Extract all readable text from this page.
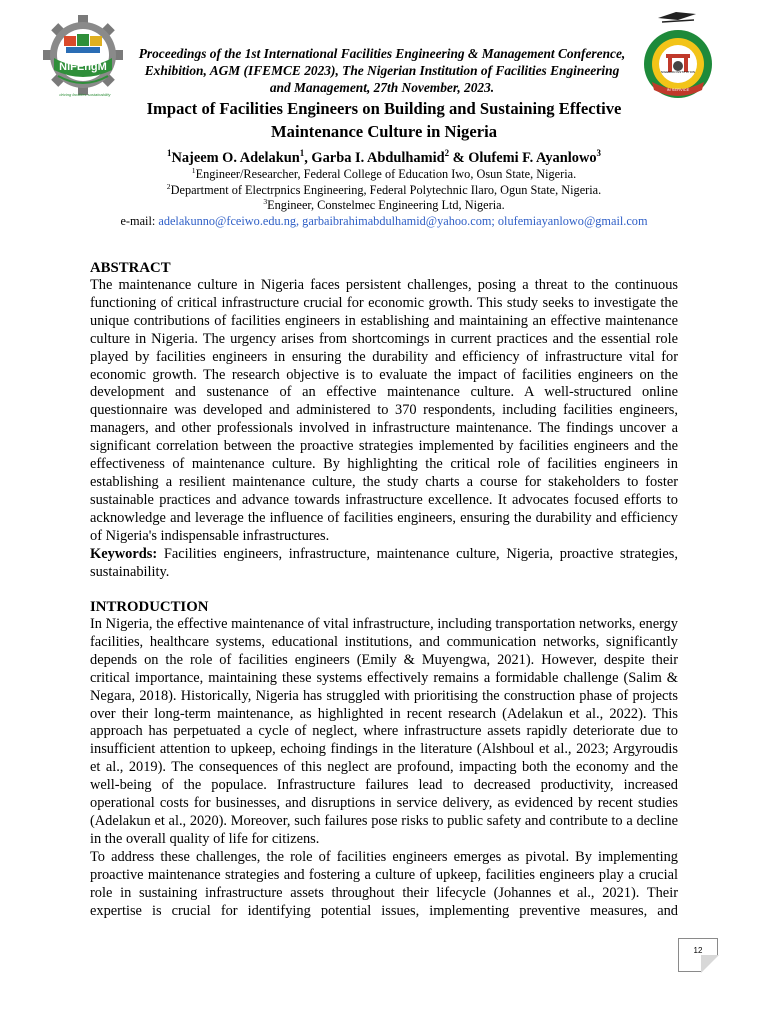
NIFEngM	NIGERIAN INSTITUTION
IN SERVICE
driving facilities sustainability
Proceedings of the 1st International Facilities Engineering & Management Conference,
Exhibition, AGM (IFEMCE 2023), The Nigerian Institution of Facilities Engineering
and Management, 27th November, 2023.
Impact of Facilities Engineers on Building and Sustaining Effective
Maintenance Culture in Nigeria
$^1$Najeem O. Adelakun$^1$, Garba I. Abdulhamid$^2$ & Olufemi F. Ayanlowo$^3$
$^1$Engineer/Researcher, Federal College of Education Iwo, Osun State, Nigeria.
$^2$Department of Electrpnics Engineering, Federal Polytechnic Ilaro, Ogun State, Nigeria.
$^3$Engineer, Constelmec Engineering Ltd, Nigeria.
e-mail: adelakunno@fceiwo.edu.ng, garbaibrahimabdulhamid@yahoo.com; olufemiayanlowo@gmail.com
ABSTRACT

The maintenance culture in Nigeria faces persistent challenges, posing a threat to the continuous functioning of critical infrastructure crucial for economic growth. This study seeks to investigate the unique contributions of facilities engineers in establishing and maintaining an effective maintenance culture in Nigeria. The urgency arises from shortcomings in current practices and the essential role played by facilities engineers in ensuring the durability and efficiency of infrastructure vital for economic growth. The research objective is to evaluate the impact of facilities engineers on the development and sustenance of an effective maintenance culture. A well-structured online questionnaire was developed and administered to 370 respondents, including facilities engineers, managers, and other professionals involved in infrastructure maintenance. The findings uncover a significant correlation between the proactive strategies implemented by facilities engineers and the effectiveness of maintenance culture. By highlighting the critical role of facilities engineers in establishing a resilient maintenance culture, the study charts a course for stakeholders to foster sustainable practices and advance towards infrastructure excellence. It advocates focused efforts to acknowledge and leverage the influence of facilities engineers, ensuring the durability and efficiency of Nigeria's indispensable infrastructures.

Keywords: Facilities engineers, infrastructure, maintenance culture, Nigeria, proactive strategies, sustainability.

INTRODUCTION

In Nigeria, the effective maintenance of vital infrastructure, including transportation networks, energy facilities, healthcare systems, educational institutions, and communication networks, significantly depends on the role of facilities engineers (Emily & Muyengwa, 2021). However, despite their critical importance, maintaining these systems effectively remains a formidable challenge (Salim & Negara, 2018). Historically, Nigeria has struggled with prioritising the construction phase of projects over their long-term maintenance, as highlighted in recent research (Adelakun et al., 2022). This approach has perpetuated a cycle of neglect, where infrastructure assets rapidly deteriorate due to insufficient attention to upkeep, echoing findings in the literature (Alshboul et al., 2023; Argyroudis et al., 2019). The consequences of this neglect are profound, impacting both the economy and the well-being of the populace. Infrastructure failures lead to decreased productivity, increased operational costs for businesses, and disruptions in service delivery, as evidenced by recent studies (Adelakun et al., 2020). Moreover, such failures pose risks to public safety and contribute to a decline in the overall quality of life for citizens.

To address these challenges, the role of facilities engineers emerges as pivotal. By implementing proactive maintenance strategies and fostering a culture of upkeep, facilities engineers play a crucial role in sustaining infrastructure assets throughout their lifecycle (Johannes et al., 2021). Their expertise is crucial for identifying potential issues, implementing preventive measures, and

12
